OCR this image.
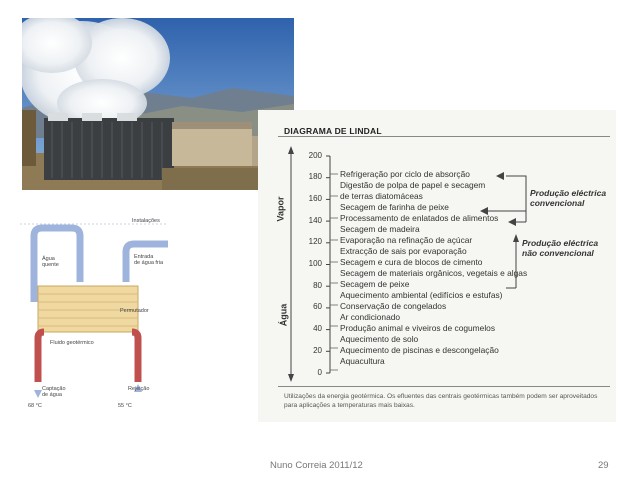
Instalações
Água
quente
Entrada
de água fria
Permutador
Fluido geotérmico
Captação
de água
Rejeição
68 °C	55 °C
DIAGRAMA DE LINDAL
200
180
160
140
120
100
80
60
40
20
0
Vapor
Água
Refrigeração por ciclo de absorção
Digestão de polpa de papel e secagem
de terras diatomáceas
Secagem de farinha de peixe
Processamento de enlatados de alimentos
Secagem de madeira
Evaporação na refinação de açúcar
Extracção de sais por evaporação
Secagem e cura de blocos de cimento
Secagem de materiais orgânicos, vegetais e algas
Secagem de peixe
Aquecimento ambiental (edifícios e estufas)
Conservação de congelados
Ar condicionado
Produção animal e viveiros de cogumelos
Aquecimento de solo
Aquecimento de piscinas e descongelação
Aquacultura
Produção eléctrica
convencional
Produção eléctrica
não convencional
Utilizações da energia geotérmica. Os efluentes das centrais geotérmicas também podem ser aproveitados para aplicações a temperaturas mais baixas.
Nuno Correia 2011/12	29
